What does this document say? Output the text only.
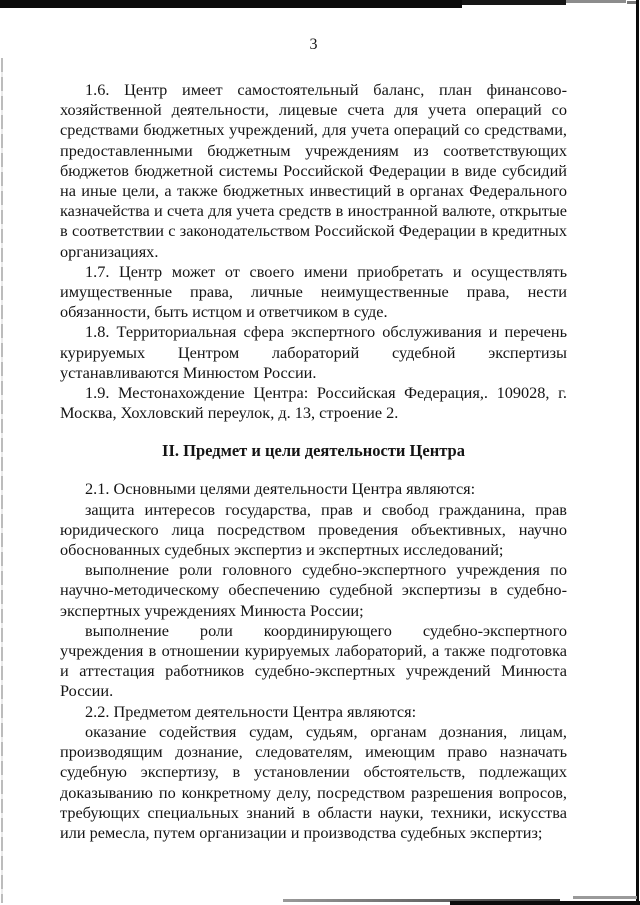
3

1.6. Центр имеет самостоятельный баланс, план финансово-хозяйственной деятельности, лицевые счета для учета операций со средствами бюджетных учреждений, для учета операций со средствами, предоставленными бюджетным учреждениям из соответствующих бюджетов бюджетной системы Российской Федерации в виде субсидий на иные цели, а также бюджетных инвестиций в органах Федерального казначейства и счета для учета средств в иностранной валюте, открытые в соответствии с законодательством Российской Федерации в кредитных организациях.

1.7. Центр может от своего имени приобретать и осуществлять имущественные права, личные неимущественные права, нести обязанности, быть истцом и ответчиком в суде.

1.8. Территориальная сфера экспертного обслуживания и перечень курируемых Центром лабораторий судебной экспертизы устанавливаются Минюстом России.

1.9. Местонахождение Центра: Российская Федерация,. 109028, г. Москва, Хохловский переулок, д. 13, строение 2.

II. Предмет и цели деятельности Центра

2.1. Основными целями деятельности Центра являются:

защита интересов государства, прав и свобод гражданина, прав юридического лица посредством проведения объективных, научно обоснованных судебных экспертиз и экспертных исследований;

выполнение роли головного судебно-экспертного учреждения по научно-методическому обеспечению судебной экспертизы в судебно-экспертных учреждениях Минюста России;

выполнение роли координирующего судебно-экспертного учреждения в отношении курируемых лабораторий, а также подготовка и аттестация работников судебно-экспертных учреждений Минюста России.

2.2. Предметом деятельности Центра являются:

оказание содействия судам, судьям, органам дознания, лицам, производящим дознание, следователям, имеющим право назначать судебную экспертизу, в установлении обстоятельств, подлежащих доказыванию по конкретному делу, посредством разрешения вопросов, требующих специальных знаний в области науки, техники, искусства или ремесла, путем организации и производства судебных экспертиз;
